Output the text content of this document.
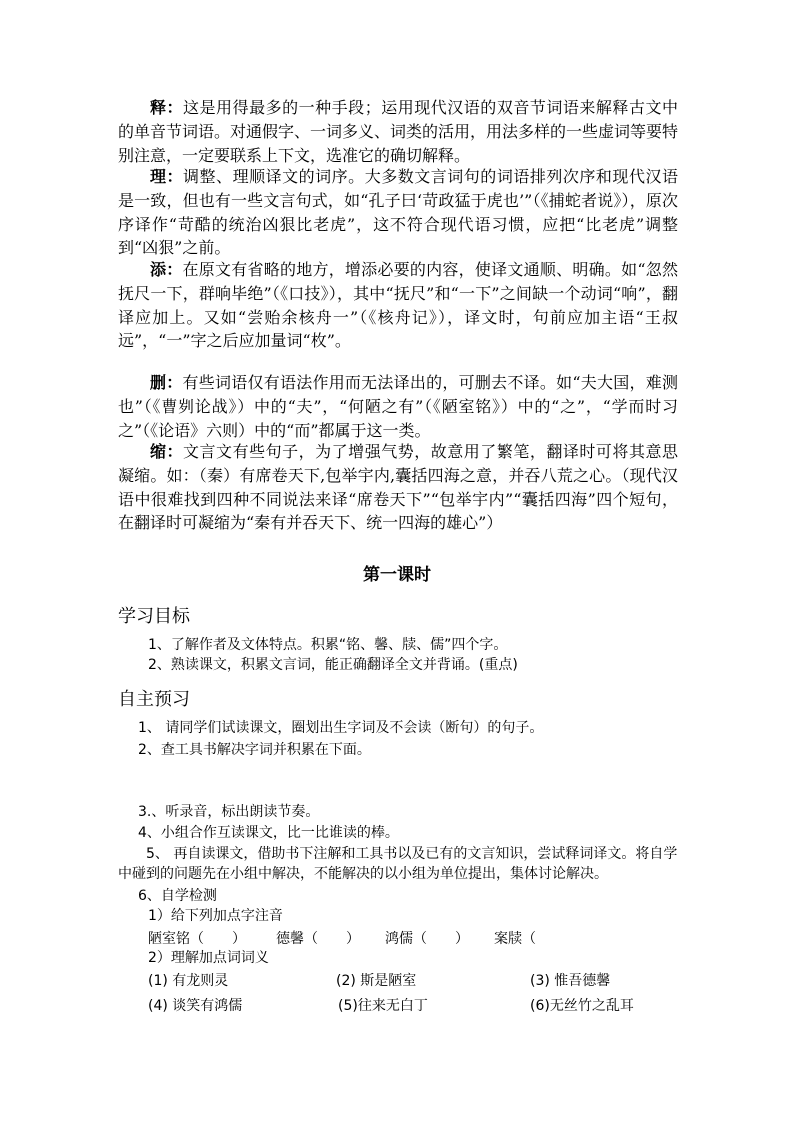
释：这是用得最多的一种手段；运用现代汉语的双音节词语来解释古文中的单音节词语。对通假字、一词多义、词类的活用，用法多样的一些虚词等要特别注意，一定要联系上下文，选准它的确切解释。

理：调整、理顺译文的词序。大多数文言词句的词语排列次序和现代汉语是一致，但也有一些文言句式，如“孔子曰‘苛政猛于虎也’”（《捕蛇者说》），原次序译作“苛酷的统治凶狠比老虎”，这不符合现代语习惯，应把“比老虎”调整到“凶狠”之前。

添：在原文有省略的地方，增添必要的内容，使译文通顺、明确。如“忽然抚尺一下，群响毕绝”（《口技》），其中“抚尺”和“一下”之间缺一个动词“响”，翻译应加上。又如“尝贻余核舟一”（《核舟记》），译文时，句前应加主语“王叔远”，“一”字之后应加量词“枚”。

删：有些词语仅有语法作用而无法译出的，可删去不译。如“夫大国，难测也”（《曹刿论战》）中的“夫”，“何陋之有”（《陋室铭》）中的“之”，“学而时习之”（《论语》六则）中的“而”都属于这一类。

缩：文言文有些句子，为了增强气势，故意用了繁笔，翻译时可将其意思凝缩。如：（秦）有席卷天下,包举宇内,囊括四海之意，并吞八荒之心。（现代汉语中很难找到四种不同说法来译“席卷天下”“包举宇内”“囊括四海”四个短句，在翻译时可凝缩为“秦有并吞天下、统一四海的雄心”）

第一课时
学习目标
1、了解作者及文体特点。积累“铭、馨、牍、儒”四个字。
2、熟读课文，积累文言词，能正确翻译全文并背诵。(重点)
自主预习
1、 请同学们试读课文，圈划出生字词及不会读（断句）的句子。
2、查工具书解决字词并积累在下面。
3.、听录音，标出朗读节奏。
4、小组合作互读课文，比一比谁读的棒。
5、 再自读课文，借助书下注解和工具书以及已有的文言知识，尝试释词译文。将自学中碰到的问题先在小组中解决，不能解决的以小组为单位提出，集体讨论解决。
6、自学检测
1）给下列加点字注音
陋室铭（　　） 德馨（　　） 鸿儒（　　） 案牍（
2）理解加点词词义
(1) 有龙则灵	(2) 斯是陋室	(3) 惟吾德馨
(4) 谈笑有鸿儒	(5)往来无白丁	(6)无丝竹之乱耳
